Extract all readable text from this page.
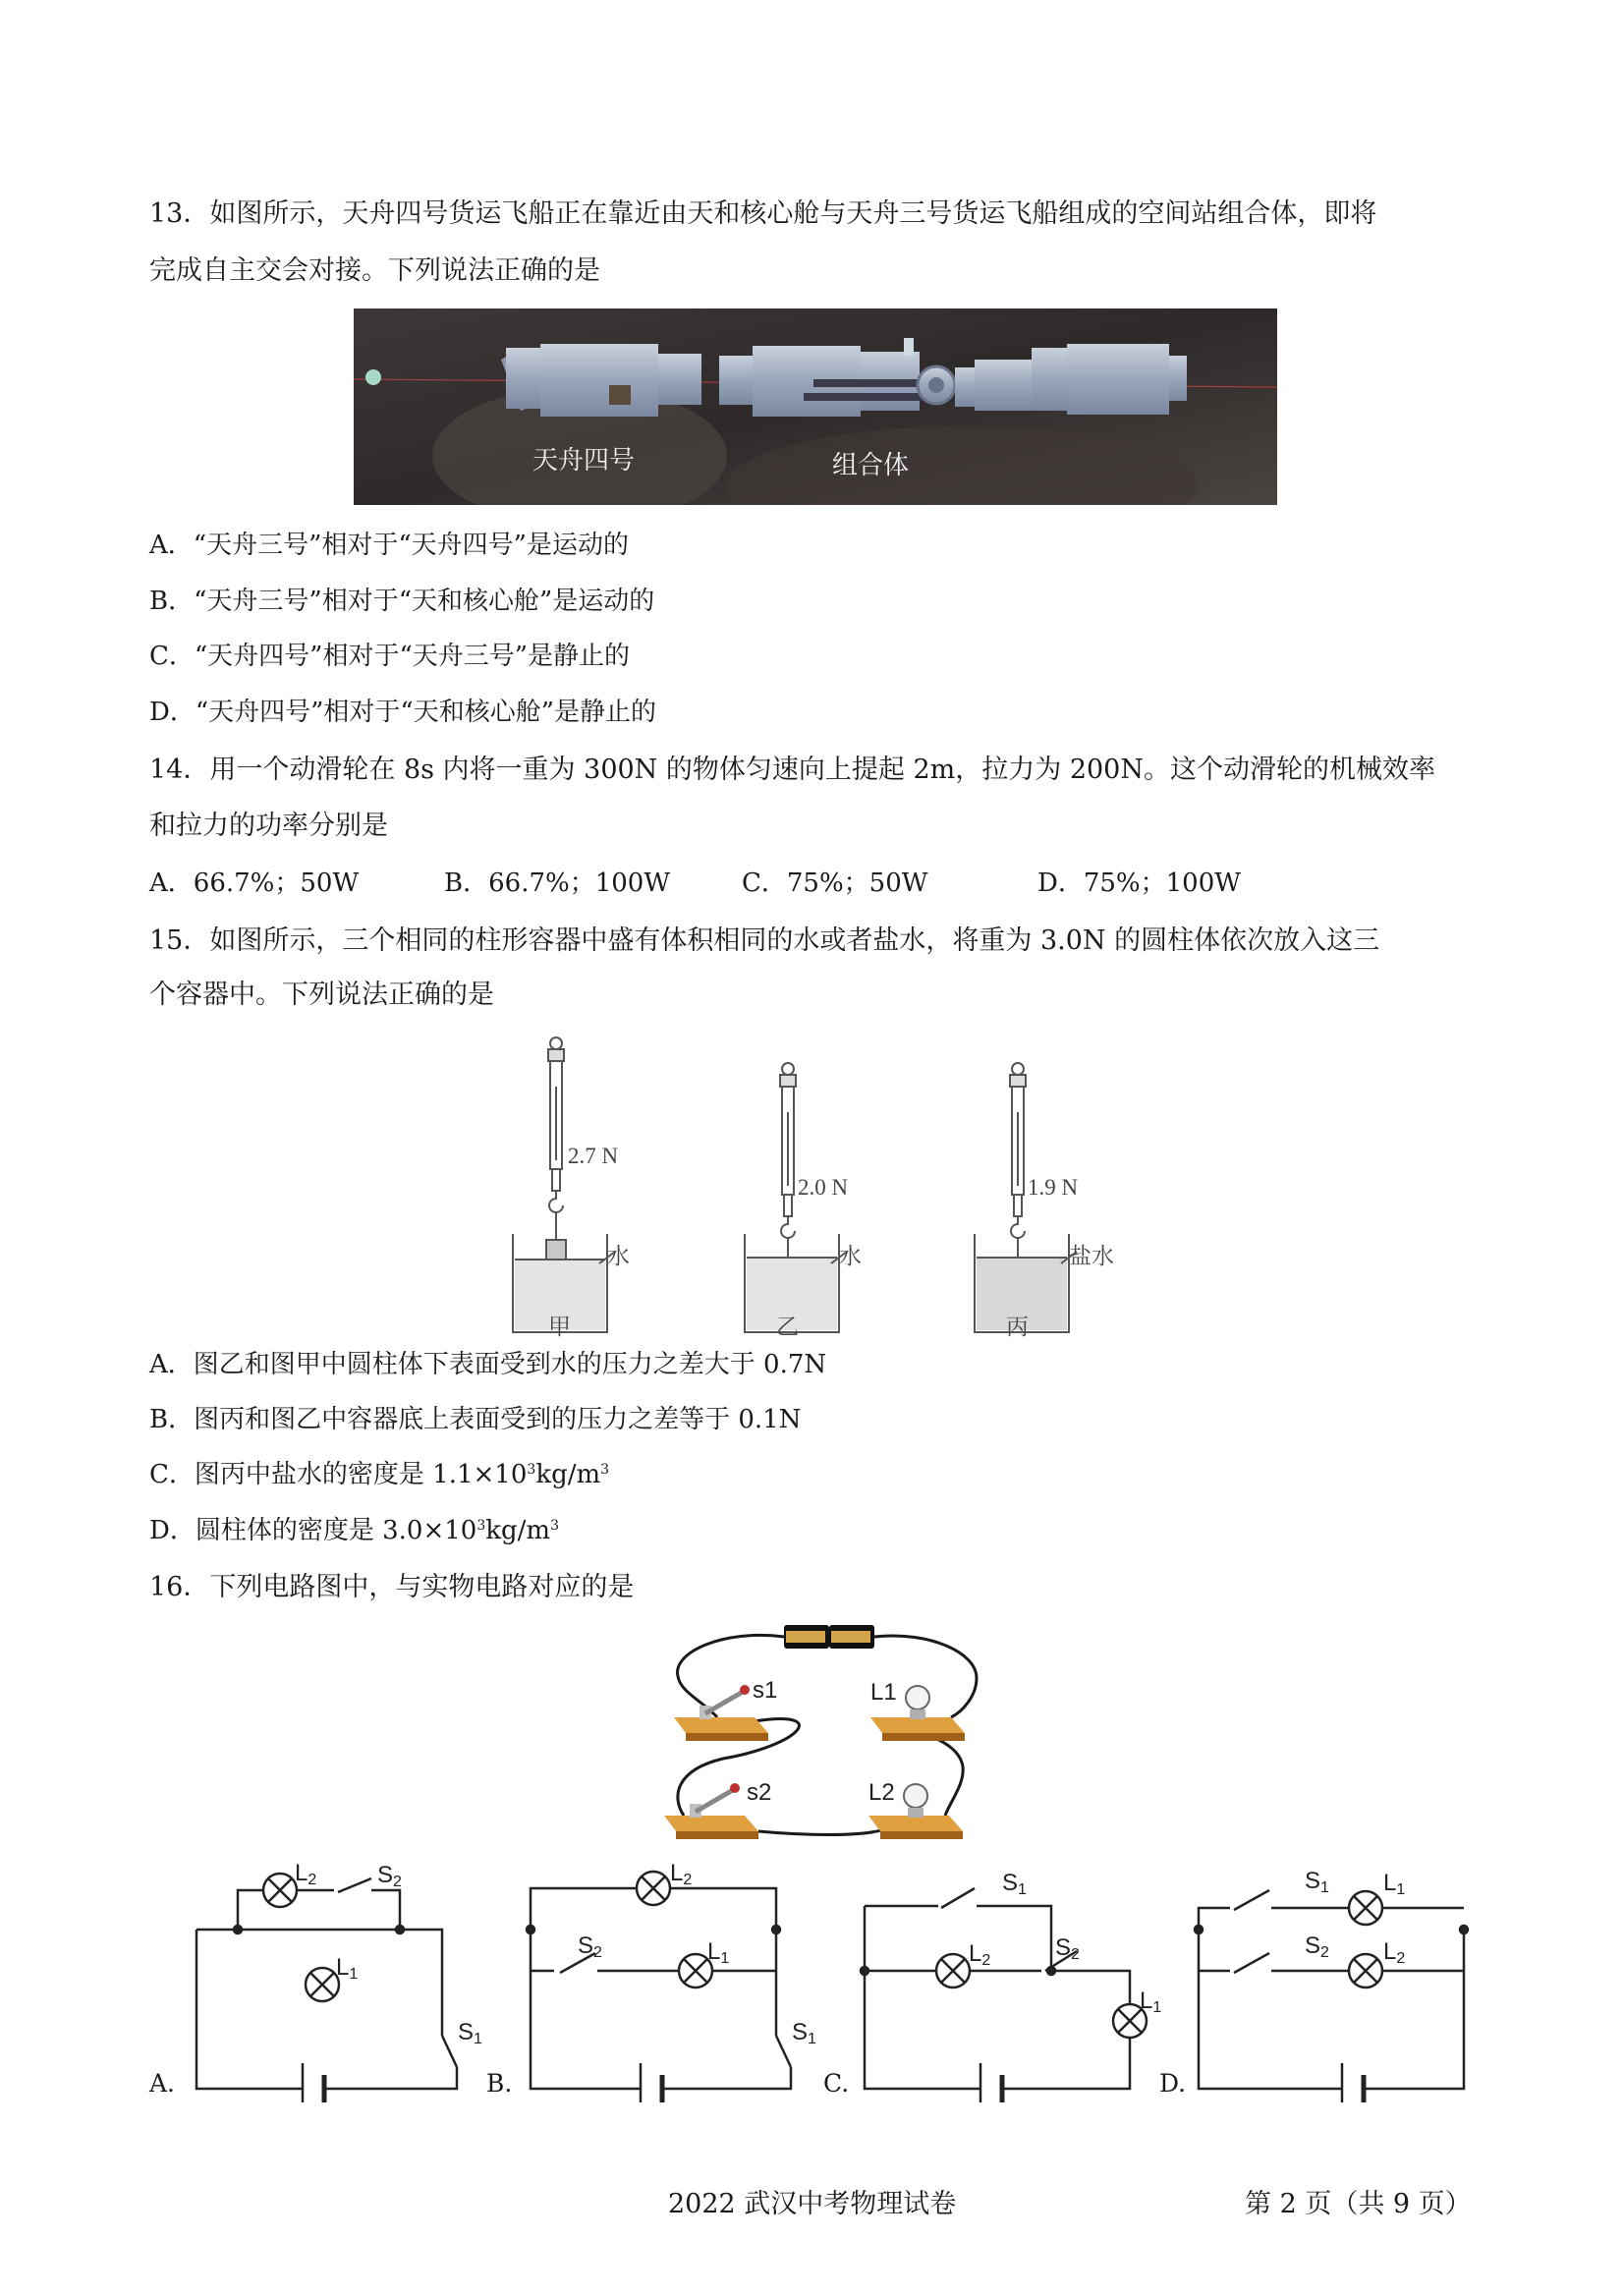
13．如图所示，天舟四号货运飞船正在靠近由天和核心舱与天舟三号货运飞船组成的空间站组合体，即将
完成自主交会对接。下列说法正确的是
天舟四号	组合体
A．“天舟三号”相对于“天舟四号”是运动的
B．“天舟三号”相对于“天和核心舱”是运动的
C．“天舟四号”相对于“天舟三号”是静止的
D．“天舟四号”相对于“天和核心舱”是静止的
14．用一个动滑轮在 8s 内将一重为 300N 的物体匀速向上提起 2m，拉力为 200N。这个动滑轮的机械效率
和拉力的功率分别是
A．66.7%；50W	B．66.7%；100W	C．75%；50W	D．75%；100W
15．如图所示，三个相同的柱形容器中盛有体积相同的水或者盐水，将重为 3.0N 的圆柱体依次放入这三
个容器中。下列说法正确的是
2.7 N
2.0 N	1.9 N
水	水	盐水
甲	乙	丙
A．图乙和图甲中圆柱体下表面受到水的压力之差大于 0.7N
B．图丙和图乙中容器底上表面受到的压力之差等于 0.1N
C．图丙中盐水的密度是 $1.1\times 10^3kg/m^3$
D．圆柱体的密度是 $3.0\times 10^3kg/m^3$
16．下列电路图中，与实物电路对应的是
s1	L1
s2	L2
L2	S2
L1
S1
L2
S2	L1
S1
S1
L2	S2
L1
S1 L1
S2 L2
A.	B.	C.	D.
2022 武汉中考物理试卷	第 2 页（共 9 页）
